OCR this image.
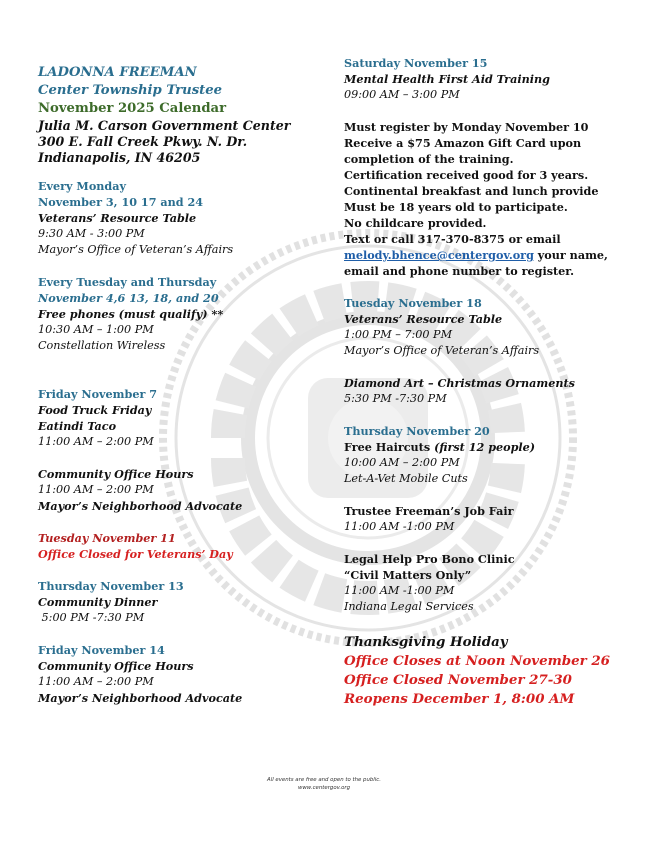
LADONNA FREEMAN
Center Township Trustee
November 2025 Calendar
Julia M. Carson Government Center
300 E. Fall Creek Pkwy. N. Dr.
Indianapolis, IN 46205
Every Monday
November 3, 10 17 and 24
Veterans’ Resource Table
9:30 AM - 3:00 PM
Mayor’s Office of Veteran’s Affairs
Every Tuesday and Thursday
November 4,6 13, 18, and 20
Free phones (must qualify) **
10:30 AM – 1:00 PM
Constellation Wireless
Friday November 7
Food Truck Friday
Eatindi Taco
11:00 AM – 2:00 PM
Community Office Hours
11:00 AM – 2:00 PM
Mayor’s Neighborhood Advocate
Tuesday November 11
Office Closed for Veterans’ Day
Thursday November 13
Community Dinner
5:00 PM -7:30 PM
Friday November 14
Community Office Hours
11:00 AM – 2:00 PM
Mayor’s Neighborhood Advocate
Saturday November 15
Mental Health First Aid Training
09:00 AM – 3:00 PM
Must register by Monday November 10
Receive a $75 Amazon Gift Card upon
completion of the training.
Certification received good for 3 years.
Continental breakfast and lunch provide
Must be 18 years old to participate.
No childcare provided.
Text or call 317-370-8375 or email
melody.bhence@centergov.org your name,
email and phone number to register.
Tuesday November 18
Veterans’ Resource Table
1:00 PM – 7:00 PM
Mayor’s Office of Veteran’s Affairs
Diamond Art – Christmas Ornaments
5:30 PM -7:30 PM
Thursday November 20
Free Haircuts (first 12 people)
10:00 AM – 2:00 PM
Let-A-Vet Mobile Cuts
Trustee Freeman’s Job Fair
11:00 AM -1:00 PM
Legal Help Pro Bono Clinic
“Civil Matters Only”
11:00 AM -1:00 PM
Indiana Legal Services
Thanksgiving Holiday
Office Closes at Noon November 26
Office Closed November 27-30
Reopens December 1, 8:00 AM
All events are free and open to the public.
www.centergov.org
